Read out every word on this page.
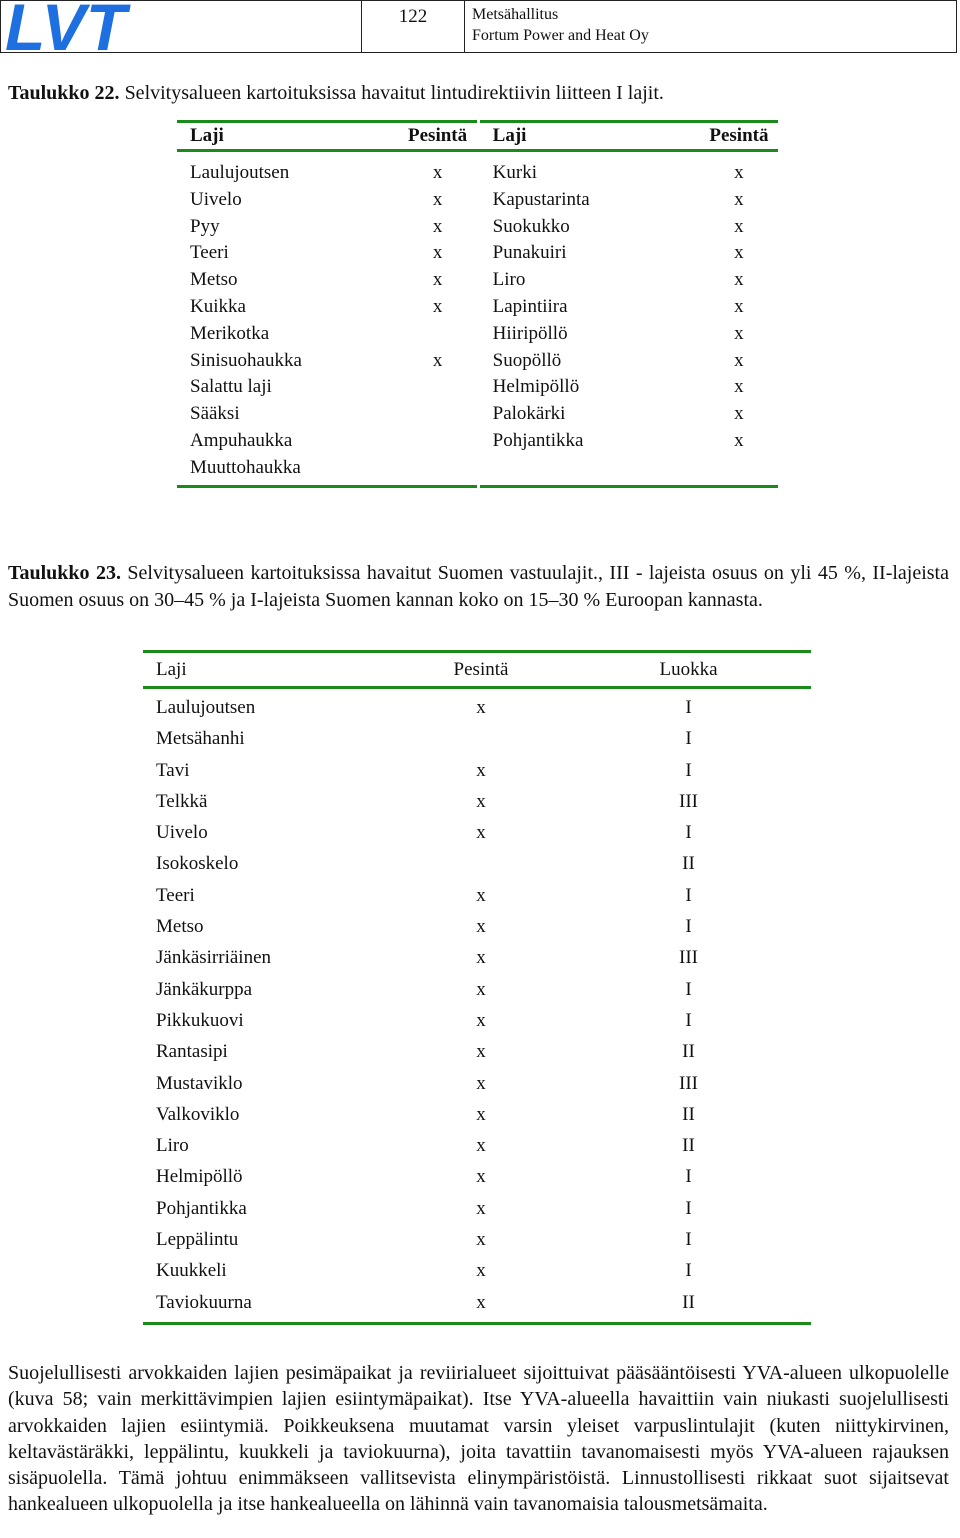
LVT	122	Metsähallitus
Fortum Power and Heat Oy

Taulukko 22. Selvitysalueen kartoituksissa havaitut lintudirektiivin liitteen I lajit.

Laji	Pesintä	Laji	Pesintä
Laulujoutsen	x	Kurki	x
Uivelo	x	Kapustarinta	x
Pyy	x	Suokukko	x
Teeri	x	Punakuiri	x
Metso	x	Liro	x
Kuikka	x	Lapintiira	x
Merikotka		Hiiripöllö	x
Sinisuohaukka	x	Suopöllö	x
Salattu laji		Helmipöllö	x
Sääksi		Palokärki	x
Ampuhaukka		Pohjantikka	x
Muuttohaukka			

Taulukko 23. Selvitysalueen kartoituksissa havaitut Suomen vastuulajit., III - lajeista osuus on yli 45 %, II-lajeista Suomen osuus on 30–45 % ja I-lajeista Suomen kannan koko on 15–30 % Euroopan kannasta.

Laji	Pesintä	Luokka
Laulujoutsen	x	I
Metsähanhi		I
Tavi	x	I
Telkkä	x	III
Uivelo	x	I
Isokoskelo		II
Teeri	x	I
Metso	x	I
Jänkäsirriäinen	x	III
Jänkäkurppa	x	I
Pikkukuovi	x	I
Rantasipi	x	II
Mustaviklo	x	III
Valkoviklo	x	II
Liro	x	II
Helmipöllö	x	I
Pohjantikka	x	I
Leppälintu	x	I
Kuukkeli	x	I
Taviokuurna	x	II

Suojelullisesti arvokkaiden lajien pesimäpaikat ja reviirialueet sijoittuivat pääsääntöisesti YVA-alueen ulkopuolelle (kuva 58; vain merkittävimpien lajien esiintymäpaikat). Itse YVA-alueella havaittiin vain niukasti suojelullisesti arvokkaiden lajien esiintymiä. Poikkeuksena muutamat varsin yleiset varpuslintulajit (kuten niittykirvinen, keltavästäräkki, leppälintu, kuukkeli ja taviokuurna), joita tavattiin tavanomaisesti myös YVA-alueen rajauksen sisäpuolella. Tämä johtuu enimmäkseen vallitsevista elinympäristöistä. Linnustollisesti rikkaat suot sijaitsevat hankealueen ulkopuolella ja itse hankealueella on lähinnä vain tavanomaisia talousmetsämaita.
